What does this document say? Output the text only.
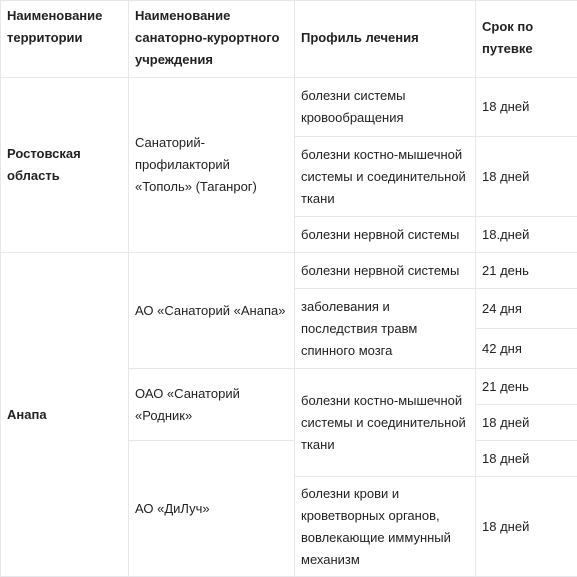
Наименование территории	Наименование санаторно-курортного учреждения	Профиль лечения	Срок по путевке
Ростовская область	Санаторий-профилакторий «Тополь» (Таганрог)	болезни системы кровообращения	18 дней
		болезни костно-мышечной системы и соединительной ткани	18 дней
		болезни нервной системы	18.дней
Анапа	АО «Санаторий «Анапа»	болезни нервной системы	21 день
		заболевания и последствия травм спинного мозга	24 дня
			42 дня
	ОАО «Санаторий «Родник»	болезни костно-мышечной системы и соединительной ткани	21 день
			18 дней
	АО «ДиЛуч»		18 дней
		болезни крови и кроветворных органов, вовлекающие иммунный механизм	18 дней
